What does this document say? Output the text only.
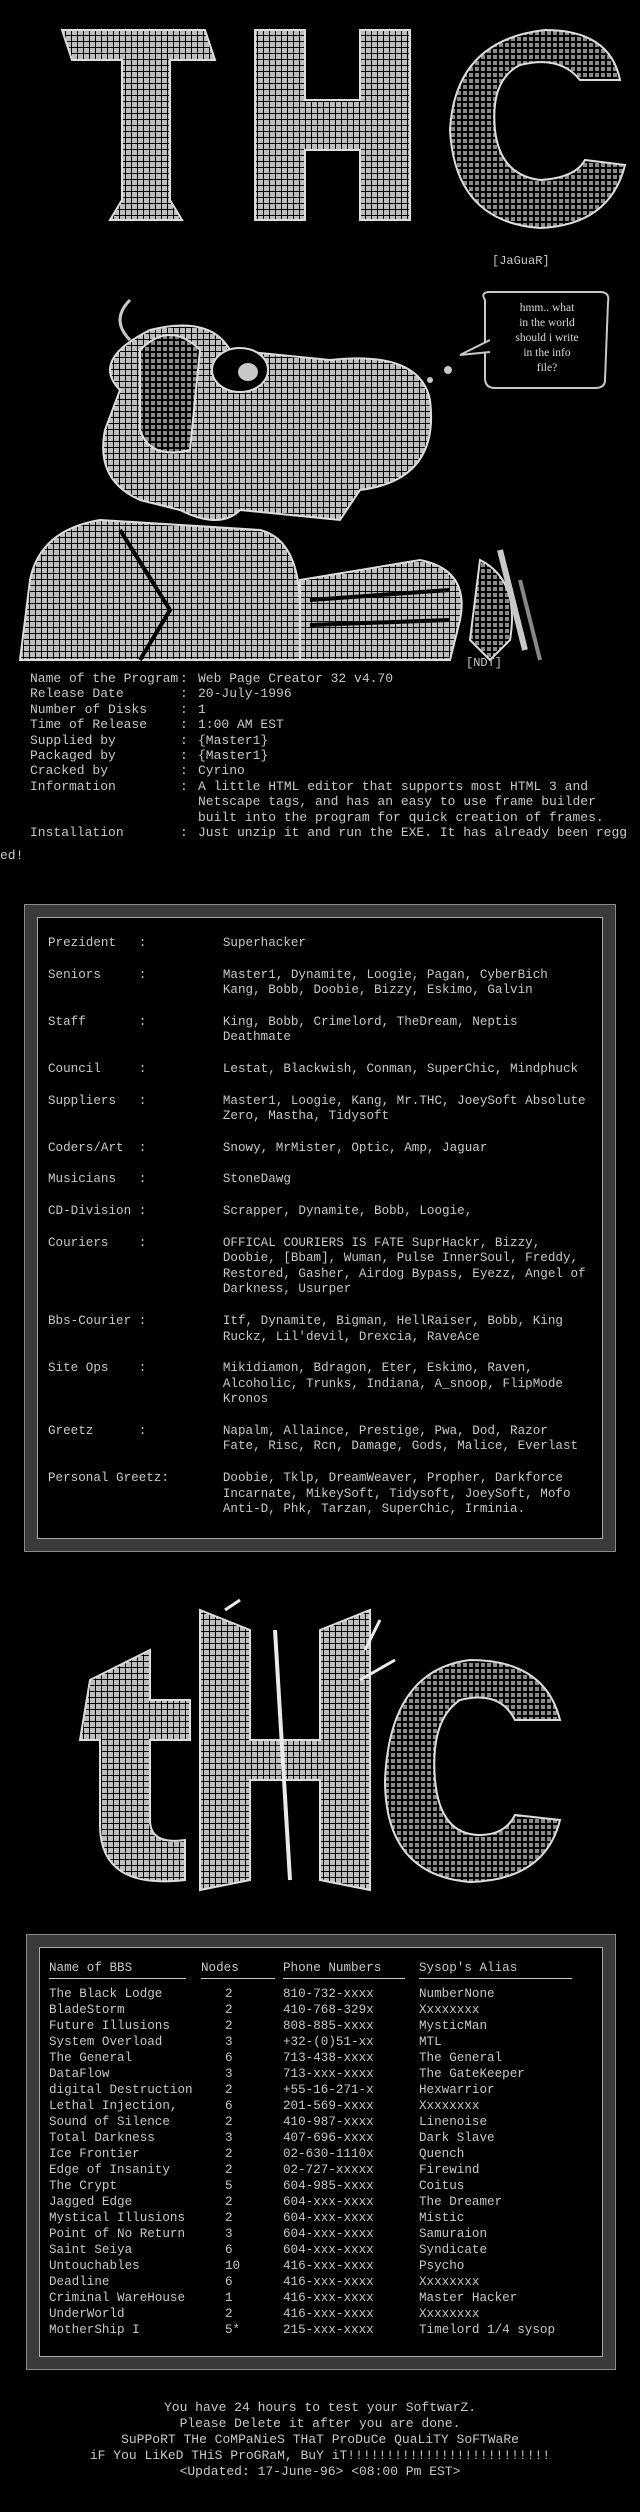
[JaGuaR]
hmm.. what
in the world
should i write
in the info
file?
[NDT]
Name of the Program : Web Page Creator 32 v4.70
Release Date	: 20-July-1996
Number of Disks	: 1
Time of Release	: 1:00 AM EST
Supplied by	: {Master1}
Packaged by	: {Master1}
Cracked by	: Cyrino
Information	: A little HTML editor that supports most HTML 3 and Netscape tags, and has an easy to use frame builder built into the program for quick creation of frames.
Installation	: Just unzip it and run the EXE. It has already been regg
ed!
Prezident   :	Superhacker
Seniors     :	Master1, Dynamite, Loogie, Pagan, CyberBich Kang, Bobb, Doobie, Bizzy, Eskimo, Galvin
Staff       :	King, Bobb, Crimelord, TheDream, Neptis Deathmate
Council     :	Lestat, Blackwish, Conman, SuperChic, Mindphuck
Suppliers   :	Master1, Loogie, Kang, Mr.THC, JoeySoft Absolute Zero, Mastha, Tidysoft
Coders/Art  :	Snowy, MrMister, Optic, Amp, Jaguar
Musicians   :	StoneDawg
CD-Division :	Scrapper, Dynamite, Bobb, Loogie,
Couriers    :	OFFICAL COURIERS IS FATE SuprHackr, Bizzy, Doobie, [Bbam], Wuman, Pulse InnerSoul, Freddy, Restored, Gasher, Airdog Bypass, Eyezz, Angel of Darkness, Usurper
Bbs-Courier :	Itf, Dynamite, Bigman, HellRaiser, Bobb, King Ruckz, Lil'devil, Drexcia, RaveAce
Site Ops    :	Mikidiamon, Bdragon, Eter, Eskimo, Raven, Alcoholic, Trunks, Indiana, A_snoop, FlipMode Kronos
Greetz      :	Napalm, Allaince, Prestige, Pwa, Dod, Razor Fate, Risc, Rcn, Damage, Gods, Malice, Everlast
Personal Greetz:	Doobie, Tklp, DreamWeaver, Propher, Darkforce Incarnate, MikeySoft, Tidysoft, JoeySoft, Mofo Anti-D, Phk, Tarzan, SuperChic, Irminia.
Name of BBS	Nodes	Phone Numbers	Sysop's Alias

The Black Lodge	2	810-732-xxxx	NumberNone
BladeStorm	2	410-768-329x	Xxxxxxxx
Future Illusions	2	808-885-xxxx	MysticMan
System Overload	3	+32-(0)51-xx	MTL
The General	6	713-438-xxxx	The General
DataFlow	3	713-xxx-xxxx	The GateKeeper
digital Destruction	2	+55-16-271-x	Hexwarrior
Lethal Injection,	6	201-569-xxxx	Xxxxxxxx
Sound of Silence	2	410-987-xxxx	Linenoise
Total Darkness	3	407-696-xxxx	Dark Slave
Ice Frontier	2	02-630-1110x	Quench
Edge of Insanity	2	02-727-xxxxx	Firewind
The Crypt	5	604-985-xxxx	Coitus
Jagged Edge	2	604-xxx-xxxx	The Dreamer
Mystical Illusions	2	604-xxx-xxxx	Mistic
Point of No Return	3	604-xxx-xxxx	Samuraion
Saint Seiya	6	604-xxx-xxxx	Syndicate
Untouchables	10	416-xxx-xxxx	Psycho
Deadline	6	416-xxx-xxxx	Xxxxxxxx
Criminal WareHouse	1	416-xxx-xxxx	Master Hacker
UnderWorld	2	416-xxx-xxxx	Xxxxxxxx
MotherShip I	5*	215-xxx-xxxx	Timelord 1/4 sysop
You have 24 hours to test your SoftwarZ.
Please Delete it after you are done.
SuPPoRT THe CoMPaNieS THaT ProDuCe QuaLiTY SoFTWaRe
iF You LiKeD THiS ProGRaM, BuY iT!!!!!!!!!!!!!!!!!!!!!!!!!!
<Updated: 17-June-96> <08:00 Pm EST>
